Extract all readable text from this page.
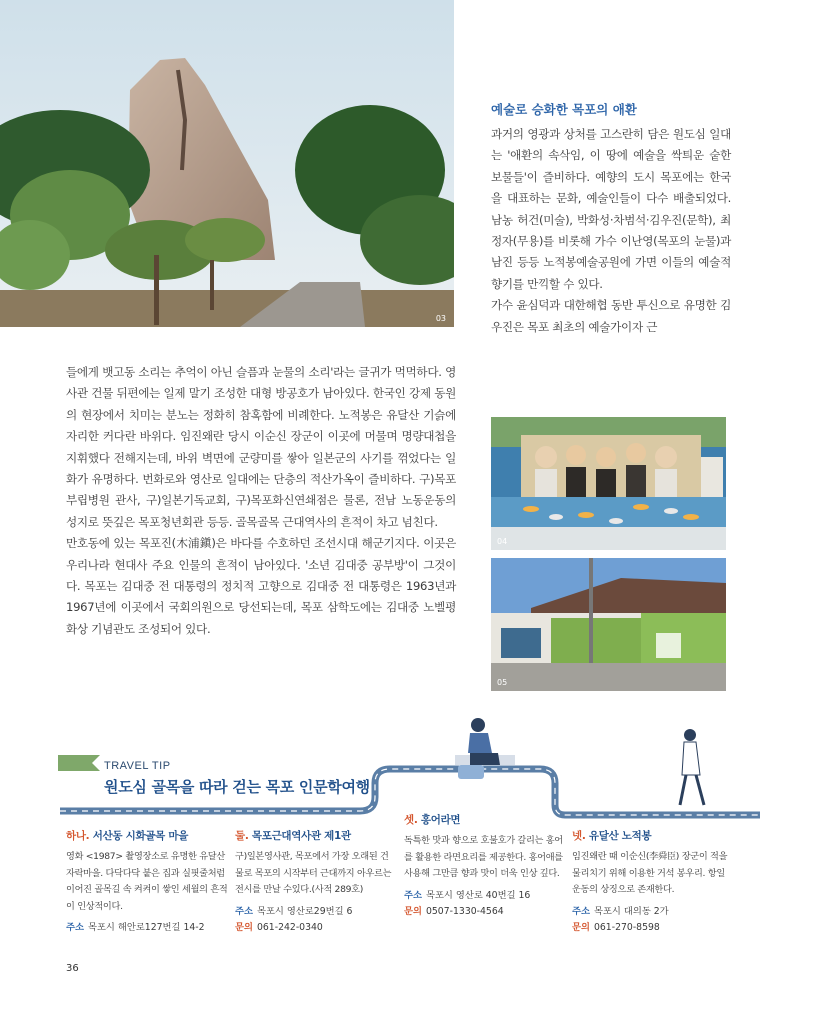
03
예술로 승화한 목포의 애환

과거의 영광과 상처를 고스란히 담은 원도심 일대는 '애환의 속삭임, 이 땅에 예술을 싹틔운 숱한 보물들'이 즐비하다. 예향의 도시 목포에는 한국을 대표하는 문화, 예술인들이 다수 배출되었다. 남농 허건(미술), 박화성·차범석·김우진(문학), 최정자(무용)를 비롯해 가수 이난영(목포의 눈물)과 남진 등등 노적봉예술공원에 가면 이들의 예술적 향기를 만끽할 수 있다.

가수 윤심덕과 대한해협 동반 투신으로 유명한 김우진은 목포 최초의 예술가이자 근

들에게 뱃고동 소리는 추억이 아닌 슬픔과 눈물의 소리'라는 글귀가 먹먹하다. 영사관 건물 뒤편에는 일제 말기 조성한 대형 방공호가 남아있다. 한국인 강제 동원의 현장에서 치미는 분노는 정화히 참혹함에 비례한다. 노적봉은 유달산 기슭에 자리한 커다란 바위다. 임진왜란 당시 이순신 장군이 이곳에 머물며 명량대첩을 지휘했다 전해지는데, 바위 벽면에 군량미를 쌓아 일본군의 사기를 꺾었다는 일화가 유명하다. 번화로와 영산로 일대에는 단층의 적산가옥이 즐비하다. 구)목포부립병원 관사, 구)일본기독교회, 구)목포화신연쇄점은 물론, 전남 노동운동의 성지로 뜻깊은 목포청년회관 등등. 골목골목 근대역사의 흔적이 차고 넘친다.

만호동에 있는 목포진(木浦鎭)은 바다를 수호하던 조선시대 해군기지다. 이곳은 우리나라 현대사 주요 인물의 흔적이 남아있다. '소년 김대중 공부방'이 그것이다. 목포는 김대중 전 대통령의 정치적 고향으로 김대중 전 대통령은 1963년과 1967년에 이곳에서 국회의원으로 당선되는데, 목포 삼학도에는 김대중 노벨평화상 기념관도 조성되어 있다.

04
05
TRAVEL TIP
원도심 골목을 따라 걷는 목포 인문학여행
하나. 서산동 시화골목 마을
영화 <1987> 촬영장소로 유명한 유달산 자락마을. 다닥다닥 붙은 집과 실핏줄처럼 이어진 골목길 속 켜켜이 쌓인 세월의 흔적이 인상적이다.
주소 목포시 해안로127번길 14-2
둘. 목포근대역사관 제1관
구)일본영사관, 목포에서 가장 오래된 건물로 목포의 시작부터 근대까지 아우르는 전시를 만날 수있다.(사적 289호)
주소 목포시 영산로29번길 6
문의 061-242-0340
셋. 홍어라면
독특한 맛과 향으로 호불호가 갈리는 홍어를 활용한 라면요리를 제공한다. 홍어애를 사용해 그만큼 향과 맛이 더욱 인상 깊다.
주소 목포시 영산로 40번길 16
문의 0507-1330-4564
넷. 유달산 노적봉
임진왜란 때 이순신(李舜臣) 장군이 적을 물리치기 위해 이용한 거석 봉우리. 항일 운동의 상징으로 존재한다.
주소 목포시 대의동 2가
문의 061-270-8598
36
